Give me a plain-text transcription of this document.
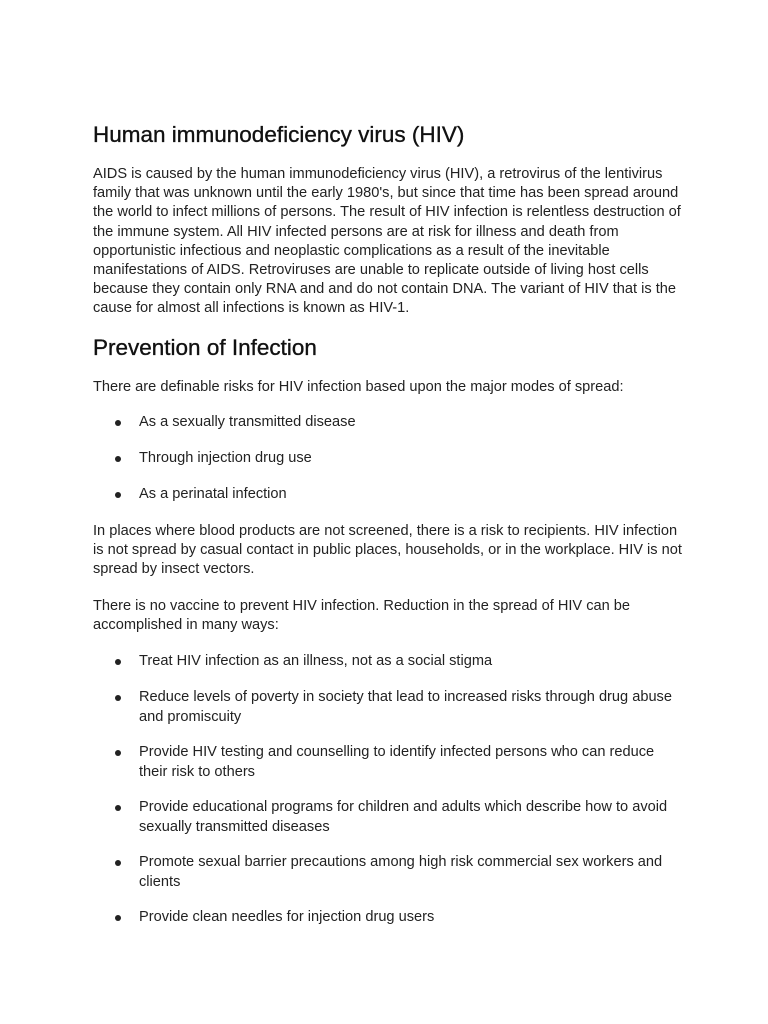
Human immunodeficiency virus (HIV)

AIDS is caused by the human immunodeficiency virus (HIV), a retrovirus of the lentivirus family that was unknown until the early 1980's, but since that time has been spread around the world to infect millions of persons. The result of HIV infection is relentless destruction of the immune system. All HIV infected persons are at risk for illness and death from opportunistic infectious and neoplastic complications as a result of the inevitable manifestations of AIDS. Retroviruses are unable to replicate outside of living host cells because they contain only RNA and and do not contain DNA. The variant of HIV that is the cause for almost all infections is known as HIV-1.

Prevention of Infection

There are definable risks for HIV infection based upon the major modes of spread:

As a sexually transmitted disease
Through injection drug use
As a perinatal infection

In places where blood products are not screened, there is a risk to recipients. HIV infection is not spread by casual contact in public places, households, or in the workplace. HIV is not spread by insect vectors.

There is no vaccine to prevent HIV infection. Reduction in the spread of HIV can be accomplished in many ways:

Treat HIV infection as an illness, not as a social stigma
Reduce levels of poverty in society that lead to increased risks through drug abuse and promiscuity
Provide HIV testing and counselling to identify infected persons who can reduce their risk to others
Provide educational programs for children and adults which describe how to avoid sexually transmitted diseases
Promote sexual barrier precautions among high risk commercial sex workers and clients
Provide clean needles for injection drug users
